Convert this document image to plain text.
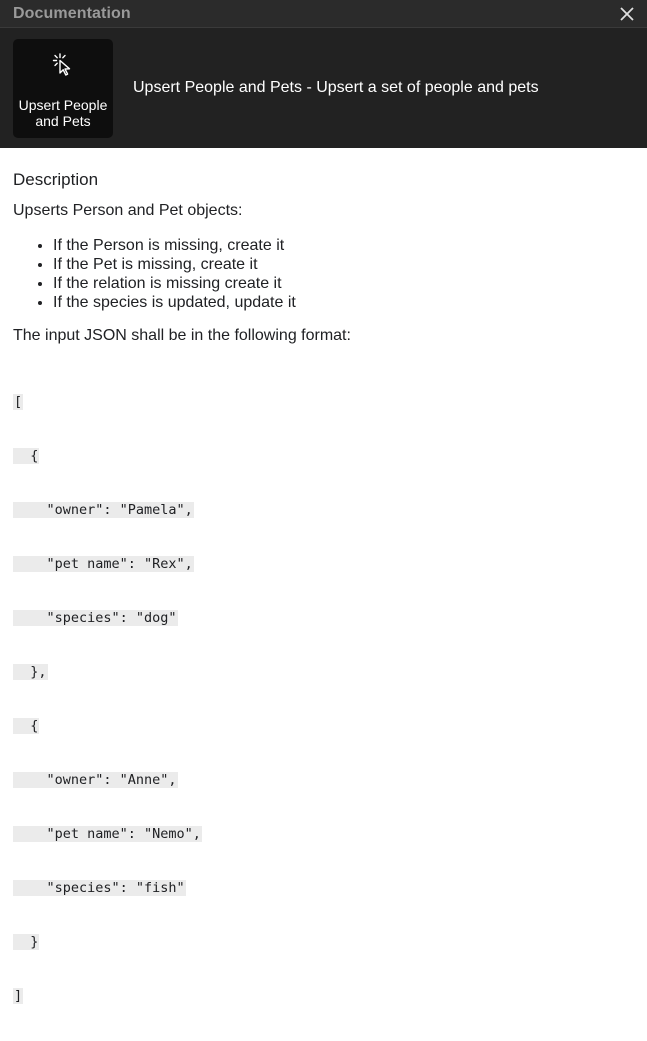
Documentation
Upsert People
and Pets
Upsert People and Pets - Upsert a set of people and pets
Description

Upserts Person and Pet objects:

• If the Person is missing, create it
• If the Pet is missing, create it
• If the relation is missing create it
• If the species is updated, update it

The input JSON shall be in the following format:

[

{

"owner": "Pamela",

"pet name": "Rex",

"species": "dog"

},

{

"owner": "Anne",

"pet name": "Nemo",

"species": "fish"

}

]
